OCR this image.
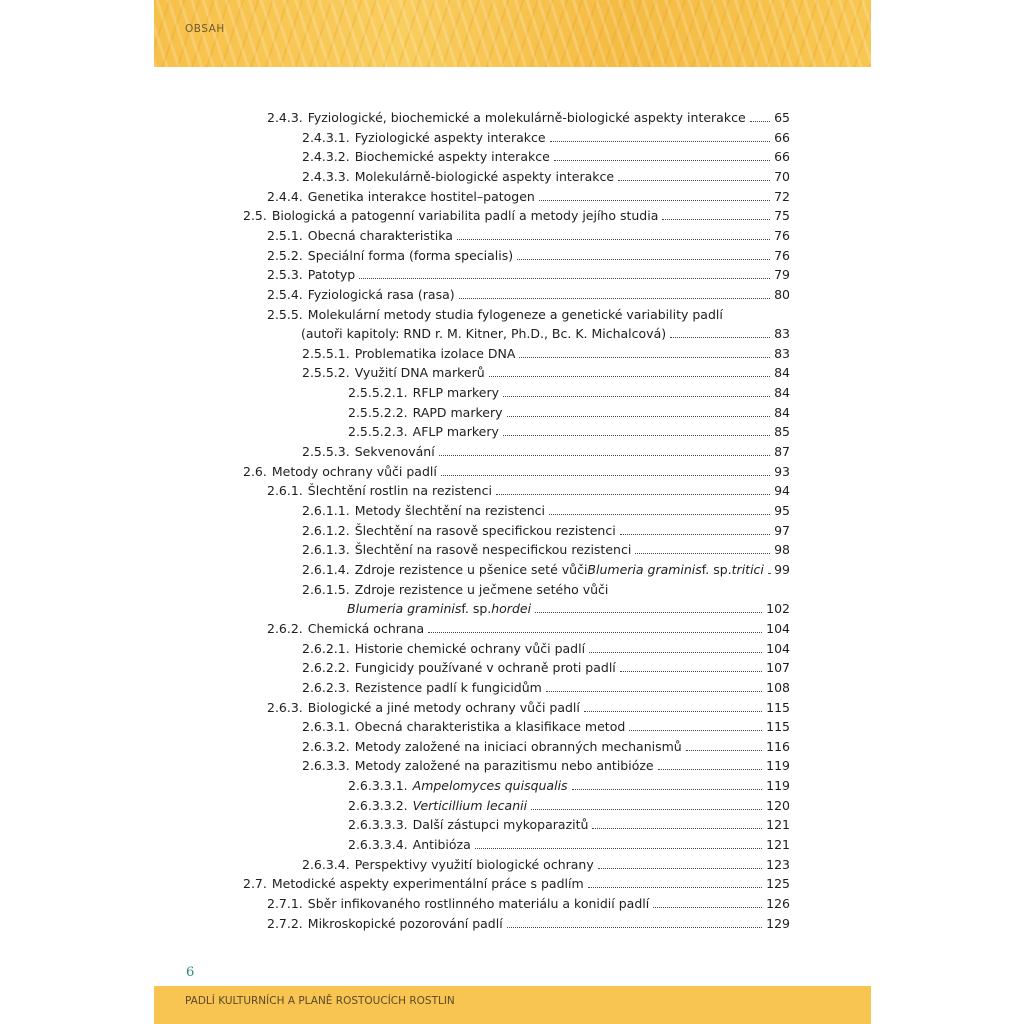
OBSAH
2.4.3. Fyziologické, biochemické a molekulárně-biologické aspekty interakce 65
2.4.3.1. Fyziologické aspekty interakce	66
2.4.3.2. Biochemické aspekty interakce	66
2.4.3.3. Molekulárně-biologické aspekty interakce	70
2.4.4. Genetika interakce hostitel–patogen	72
2.5. Biologická a patogenní variabilita padlí a metody jejího studia	75
2.5.1. Obecná charakteristika	76
2.5.2. Speciální forma (forma specialis)	76
2.5.3. Patotyp	79
2.5.4. Fyziologická rasa (rasa)	80
2.5.5. Molekulární metody studia fylogeneze a genetické variability padlí
(autoři kapitoly: RND r. M. Kitner, Ph.D., Bc. K. Michalcová)	83
2.5.5.1. Problematika izolace DNA	83
2.5.5.2. Využití DNA markerů	84
2.5.5.2.1. RFLP markery	84
2.5.5.2.2. RAPD markery	84
2.5.5.2.3. AFLP markery	85
2.5.5.3. Sekvenování	87
2.6. Metody ochrany vůči padlí	93
2.6.1. Šlechtění rostlin na rezistenci	94
2.6.1.1. Metody šlechtění na rezistenci	95
2.6.1.2. Šlechtění na rasově specifickou rezistenci	97
2.6.1.3. Šlechtění na rasově nespecifickou rezistenci	98
2.6.1.4. Zdroje rezistence u pšenice seté vůči Blumeria graminis f. sp. tritici 99
2.6.1.5. Zdroje rezistence u ječmene setého vůči
Blumeria graminis f. sp. hordei	102
2.6.2. Chemická ochrana	104
2.6.2.1. Historie chemické ochrany vůči padlí	104
2.6.2.2. Fungicidy používané v ochraně proti padlí	107
2.6.2.3. Rezistence padlí k fungicidům	108
2.6.3. Biologické a jiné metody ochrany vůči padlí	115
2.6.3.1. Obecná charakteristika a klasifikace metod	115
2.6.3.2. Metody založené na iniciaci obranných mechanismů	116
2.6.3.3. Metody založené na parazitismu nebo antibióze	119
2.6.3.3.1. Ampelomyces quisqualis	119
2.6.3.3.2. Verticillium lecanii	120
2.6.3.3.3. Další zástupci mykoparazitů	121
2.6.3.3.4. Antibióza	121
2.6.3.4. Perspektivy využití biologické ochrany	123
2.7. Metodické aspekty experimentální práce s padlím	125
2.7.1. Sběr infikovaného rostlinného materiálu a konidií padlí	126
2.7.2. Mikroskopické pozorování padlí	129
6
PADLÍ KULTURNÍCH A PLANĚ ROSTOUCÍCH ROSTLIN
